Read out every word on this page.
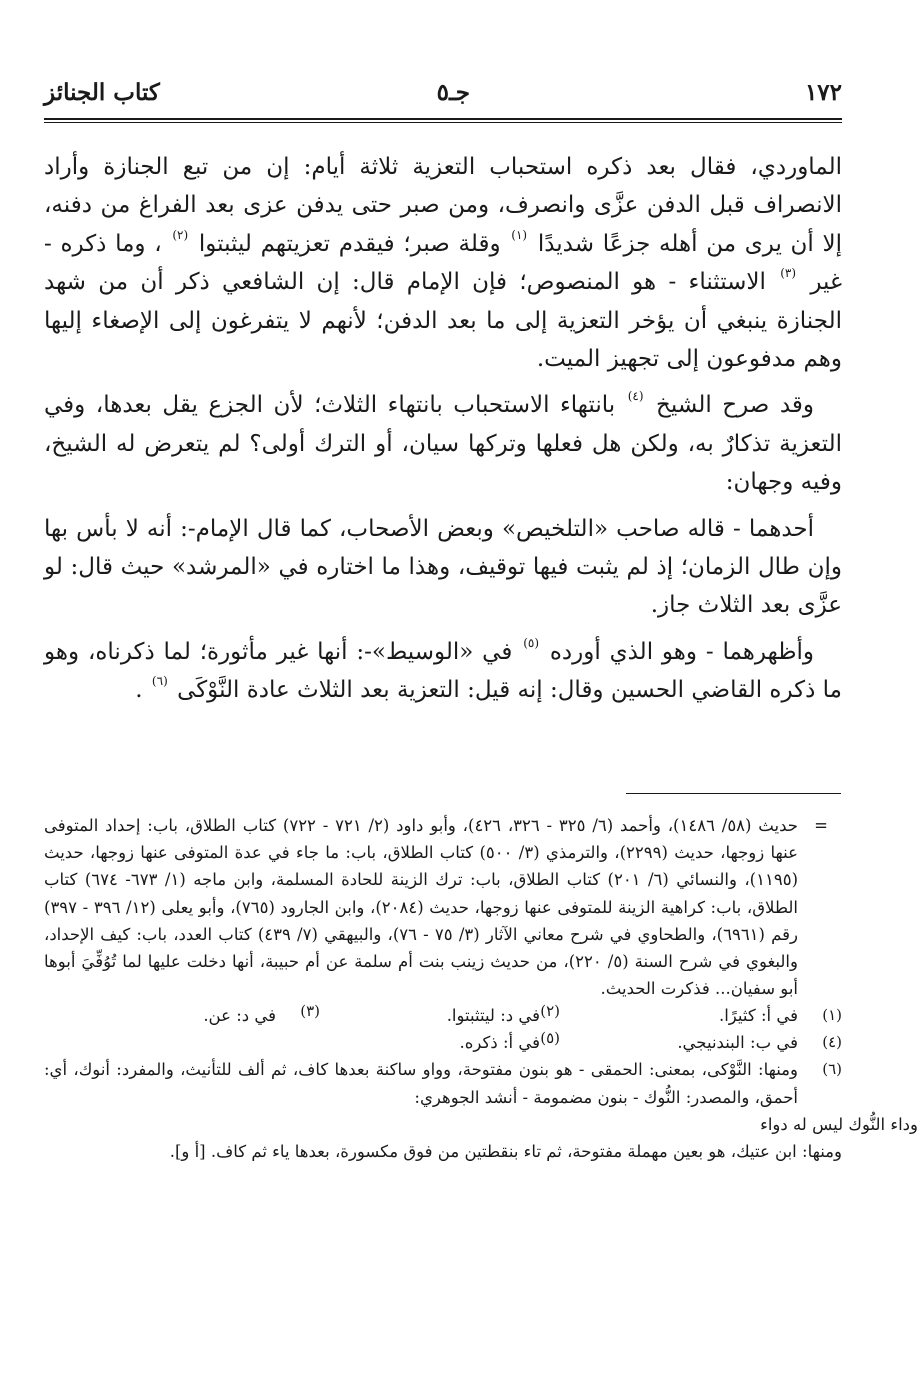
١٧٢
جـ٥
كتاب الجنائز

الماوردي، فقال بعد ذكره استحباب التعزية ثلاثة أيام: إن من تبع الجنازة وأراد الانصراف قبل الدفن عزَّى وانصرف، ومن صبر حتى يدفن عزى بعد الفراغ من دفنه، إلا أن يرى من أهله جزعًا شديدًا $^{(١)}$ وقلة صبر؛ فيقدم تعزيتهم ليثبتوا $^{(٢)}$ ، وما ذكره - غير $^{(٣)}$ الاستثناء - هو المنصوص؛ فإن الإمام قال: إن الشافعي ذكر أن من شهد الجنازة ينبغي أن يؤخر التعزية إلى ما بعد الدفن؛ لأنهم لا يتفرغون إلى الإصغاء إليها وهم مدفوعون إلى تجهيز الميت.

وقد صرح الشيخ $^{(٤)}$ بانتهاء الاستحباب بانتهاء الثلاث؛ لأن الجزع يقل بعدها، وفي التعزية تذكارٌ به، ولكن هل فعلها وتركها سيان، أو الترك أولى؟ لم يتعرض له الشيخ، وفيه وجهان:

أحدهما - قاله صاحب «التلخيص» وبعض الأصحاب، كما قال الإمام-: أنه لا بأس بها وإن طال الزمان؛ إذ لم يثبت فيها توقيف، وهذا ما اختاره في «المرشد» حيث قال: لو عزَّى بعد الثلاث جاز.

وأظهرهما - وهو الذي أورده $^{(٥)}$ في «الوسيط»-: أنها غير مأثورة؛ لما ذكرناه، وهو ما ذكره القاضي الحسين وقال: إنه قيل: التعزية بعد الثلاث عادة النَّوْكَى $^{(٦)}$ .

=
حديث (٥٨/ ١٤٨٦)، وأحمد (٦/ ٣٢٥ - ٣٢٦، ٤٢٦)، وأبو داود (٢/ ٧٢١ - ٧٢٢) كتاب الطلاق، باب: إحداد المتوفى عنها زوجها، حديث (٢٢٩٩)، والترمذي (٣/ ٥٠٠) كتاب الطلاق، باب: ما جاء في عدة المتوفى عنها زوجها، حديث (١١٩٥)، والنسائي (٦/ ٢٠١) كتاب الطلاق، باب: ترك الزينة للحادة المسلمة، وابن ماجه (١/ ٦٧٣- ٦٧٤) كتاب الطلاق، باب: كراهية الزينة للمتوفى عنها زوجها، حديث (٢٠٨٤)، وابن الجارود (٧٦٥)، وأبو يعلى (١٢/ ٣٩٦ - ٣٩٧) رقم (٦٩٦١)، والطحاوي في شرح معاني الآثار (٣/ ٧٥ - ٧٦)، والبيهقي (٧/ ٤٣٩) كتاب العدد، باب: كيف الإحداد، والبغوي في شرح السنة (٥/ ٢٢٠)، من حديث زينب بنت أم سلمة عن أم حبيبة، أنها دخلت عليها لما تُوُفِّيَ أبوها أبو سفيان... فذكرت الحديث.
(١)
في أ: كثيرًا.
(٢)
في د: ليتثبتوا.
(٣)
في د: عن.
(٤)
في ب: البندنيجي.
(٥)
في أ: ذكره.
(٦)
ومنها: النَّوْكى، بمعنى: الحمقى - هو بنون مفتوحة، وواو ساكنة بعدها كاف، ثم ألف للتأنيث، والمفرد: أنوك، أي: أحمق، والمصدر: النُّوك - بنون مضمومة - أنشد الجوهري:
وداء النُّوك ليس له دواء
ومنها: ابن عتيك، هو بعين مهملة مفتوحة، ثم تاء بنقطتين من فوق مكسورة، بعدها ياء ثم كاف. [أ و].
